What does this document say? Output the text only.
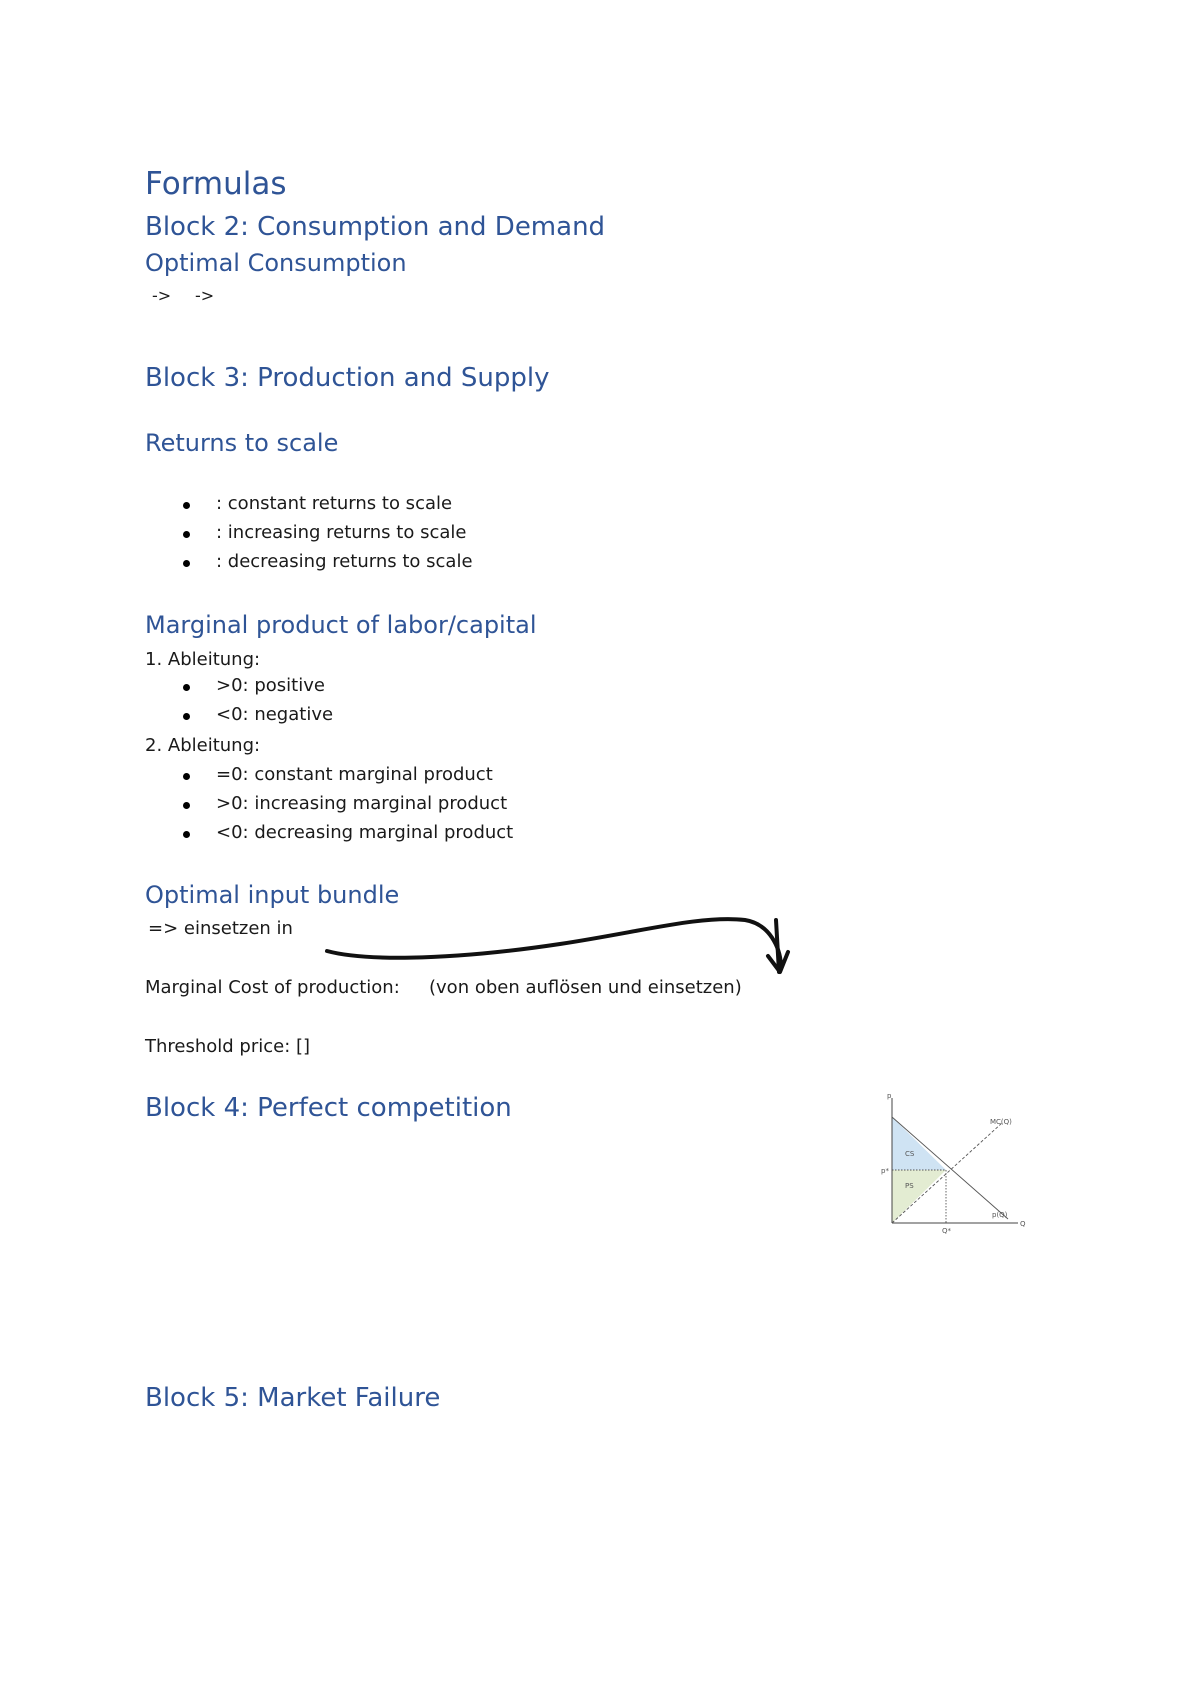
Formulas
Block 2: Consumption and Demand
Optimal Consumption
-> ->
Block 3: Production and Supply
Returns to scale
: constant returns to scale
: increasing returns to scale
: decreasing returns to scale
Marginal product of labor/capital
1. Ableitung:
>0: positive
<0: negative
2. Ableitung:
=0: constant marginal product
>0: increasing marginal product
<0: decreasing marginal product
Optimal input bundle
=> einsetzen in
Marginal Cost of production: (von oben auflösen und einsetzen)
Threshold price: []
Block 4: Perfect competition	p
Q
p*
Q*
CS
PS
MC(Q)
p(Q)
Block 5: Market Failure
